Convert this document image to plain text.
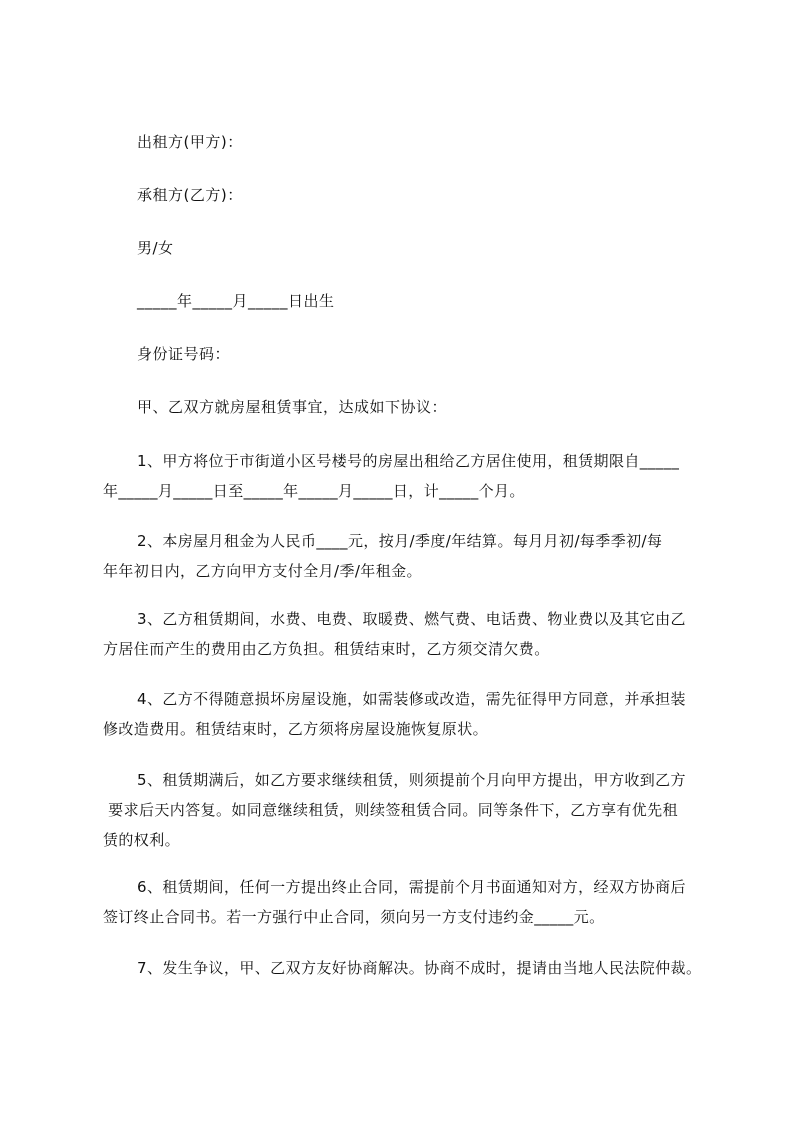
出租方(甲方)：
承租方(乙方)：
男/女
_____年_____月_____日出生
身份证号码：
甲、乙双方就房屋租赁事宜，达成如下协议：
1、甲方将位于市街道小区号楼号的房屋出租给乙方居住使用，租赁期限自_____
年_____月_____日至_____年_____月_____日，计_____个月。
2、本房屋月租金为人民币____元，按月/季度/年结算。每月月初/每季季初/每
年年初日内，乙方向甲方支付全月/季/年租金。
3、乙方租赁期间，水费、电费、取暖费、燃气费、电话费、物业费以及其它由乙
方居住而产生的费用由乙方负担。租赁结束时，乙方须交清欠费。
4、乙方不得随意损坏房屋设施，如需装修或改造，需先征得甲方同意，并承担装
修改造费用。租赁结束时，乙方须将房屋设施恢复原状。
5、租赁期满后，如乙方要求继续租赁，则须提前个月向甲方提出，甲方收到乙方
要求后天内答复。如同意继续租赁，则续签租赁合同。同等条件下，乙方享有优先租
赁的权利。
6、租赁期间，任何一方提出终止合同，需提前个月书面通知对方，经双方协商后
签订终止合同书。若一方强行中止合同，须向另一方支付违约金_____元。
7、发生争议，甲、乙双方友好协商解决。协商不成时，提请由当地人民法院仲裁。
